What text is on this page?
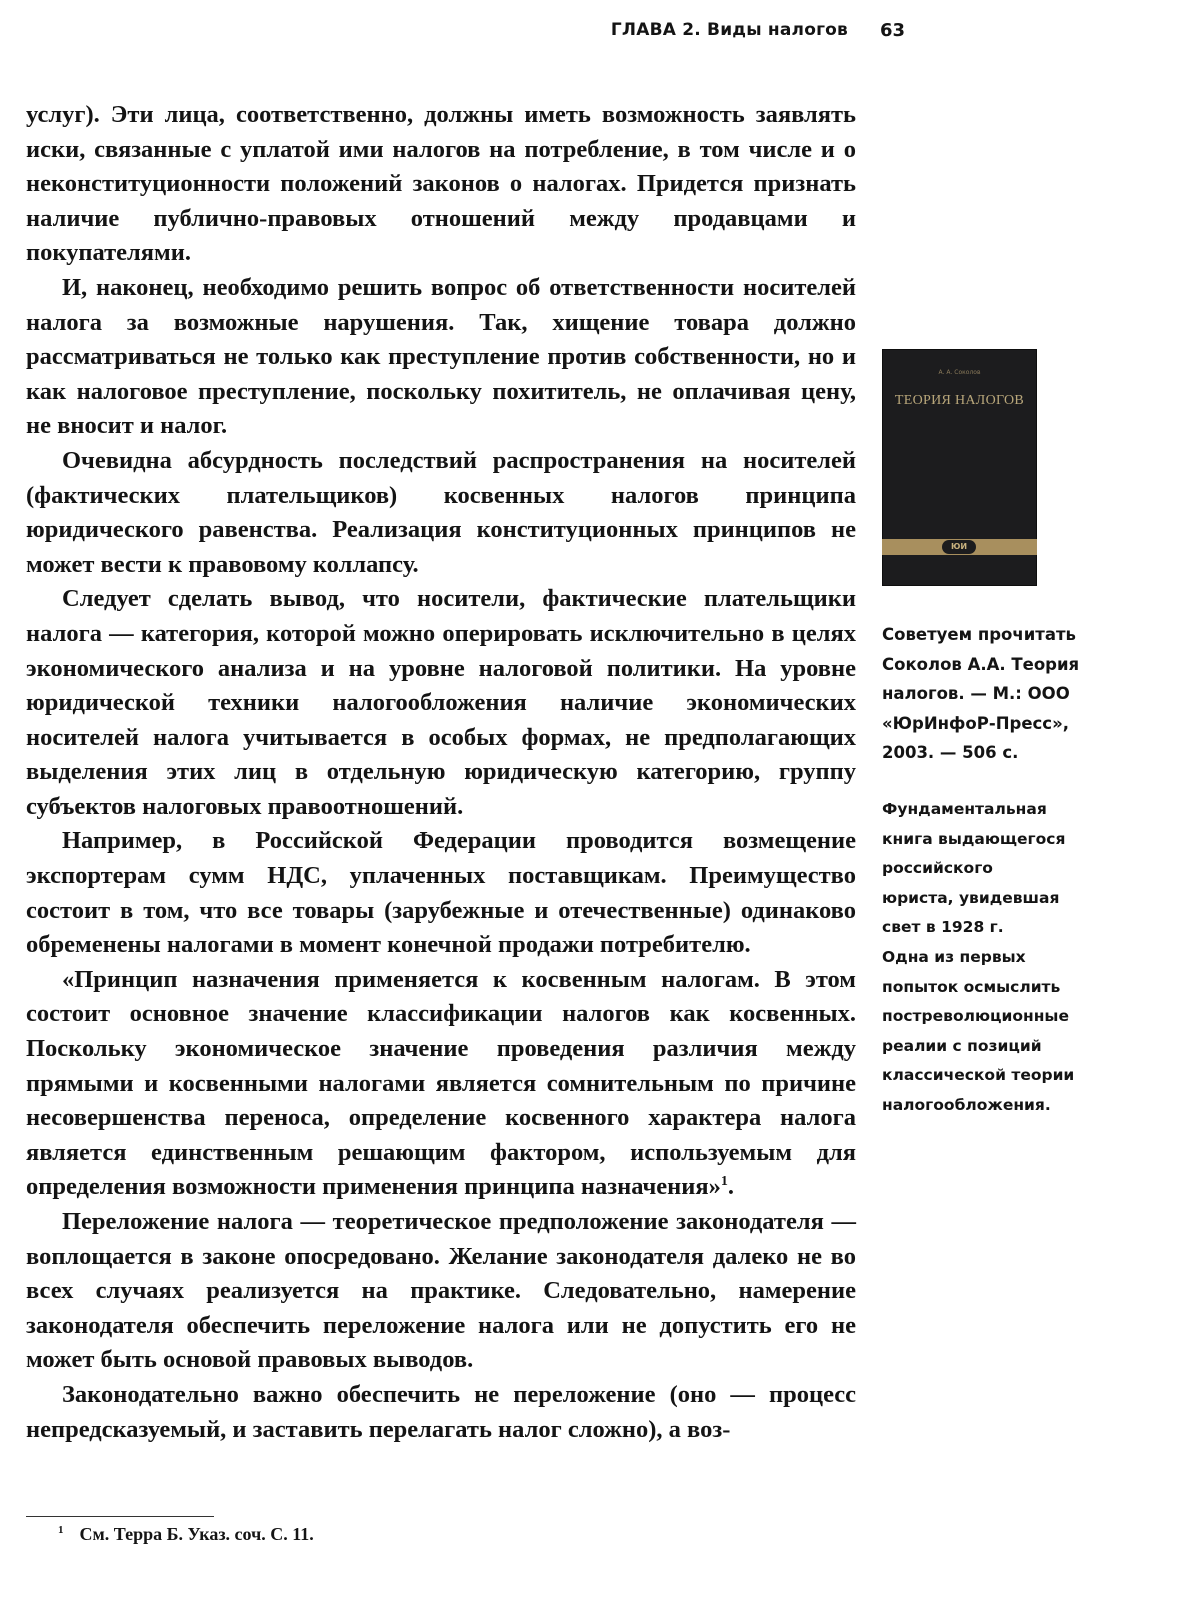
ГЛАВА 2. Виды налогов 63

услуг). Эти лица, соответственно, должны иметь возможность заявлять иски, связанные с уплатой ими налогов на потребление, в том числе и о неконституционности положений законов о налогах. Придется признать наличие публично-правовых отношений между продавцами и покупателями.

И, наконец, необходимо решить вопрос об ответственности носителей налога за возможные нарушения. Так, хищение товара должно рассматриваться не только как преступление против собственности, но и как налоговое преступление, поскольку похититель, не оплачивая цену, не вносит и налог.

Очевидна абсурдность последствий распространения на носителей (фактических плательщиков) косвенных налогов принципа юридического равенства. Реализация конституционных принципов не может вести к правовому коллапсу.

Следует сделать вывод, что носители, фактические плательщики налога — категория, которой можно оперировать исключительно в целях экономического анализа и на уровне налоговой политики. На уровне юридической техники налогообложения наличие экономических носителей налога учитывается в особых формах, не предполагающих выделения этих лиц в отдельную юридическую категорию, группу субъектов налоговых правоотношений.

Например, в Российской Федерации проводится возмещение экспортерам сумм НДС, уплаченных поставщикам. Преимущество состоит в том, что все товары (зарубежные и отечественные) одинаково обременены налогами в момент конечной продажи потребителю.

«Принцип назначения применяется к косвенным налогам. В этом состоит основное значение классификации налогов как косвенных. Поскольку экономическое значение проведения различия между прямыми и косвенными налогами является сомнительным по причине несовершенства переноса, определение косвенного характера налога является единственным решающим фактором, используемым для определения возможности применения принципа назначения»$^1$.

Переложение налога — теоретическое предположение законодателя — воплощается в законе опосредовано. Желание законодателя далеко не во всех случаях реализуется на практике. Следовательно, намерение законодателя обеспечить переложение налога или не допустить его не может быть основой правовых выводов.

Законодательно важно обеспечить не переложение (оно — процесс непредсказуемый, и заставить перелагать налог сложно), а воз-

А. А. Соколов
ТЕОРИЯ НАЛОГОВ
ЮИ
Советуем прочитать
Соколов А.А. Теория
налогов. — М.: ООО
«ЮрИнфоР-Пресс»,
2003. — 506 с.
Фундаментальная
книга выдающегося
российского
юриста, увидевшая
свет в 1928 г.
Одна из первых
попыток осмыслить
постреволюционные
реалии с позиций
классической теории
налогообложения.
$^1$ См. Терра Б. Указ. соч. С. 11.
